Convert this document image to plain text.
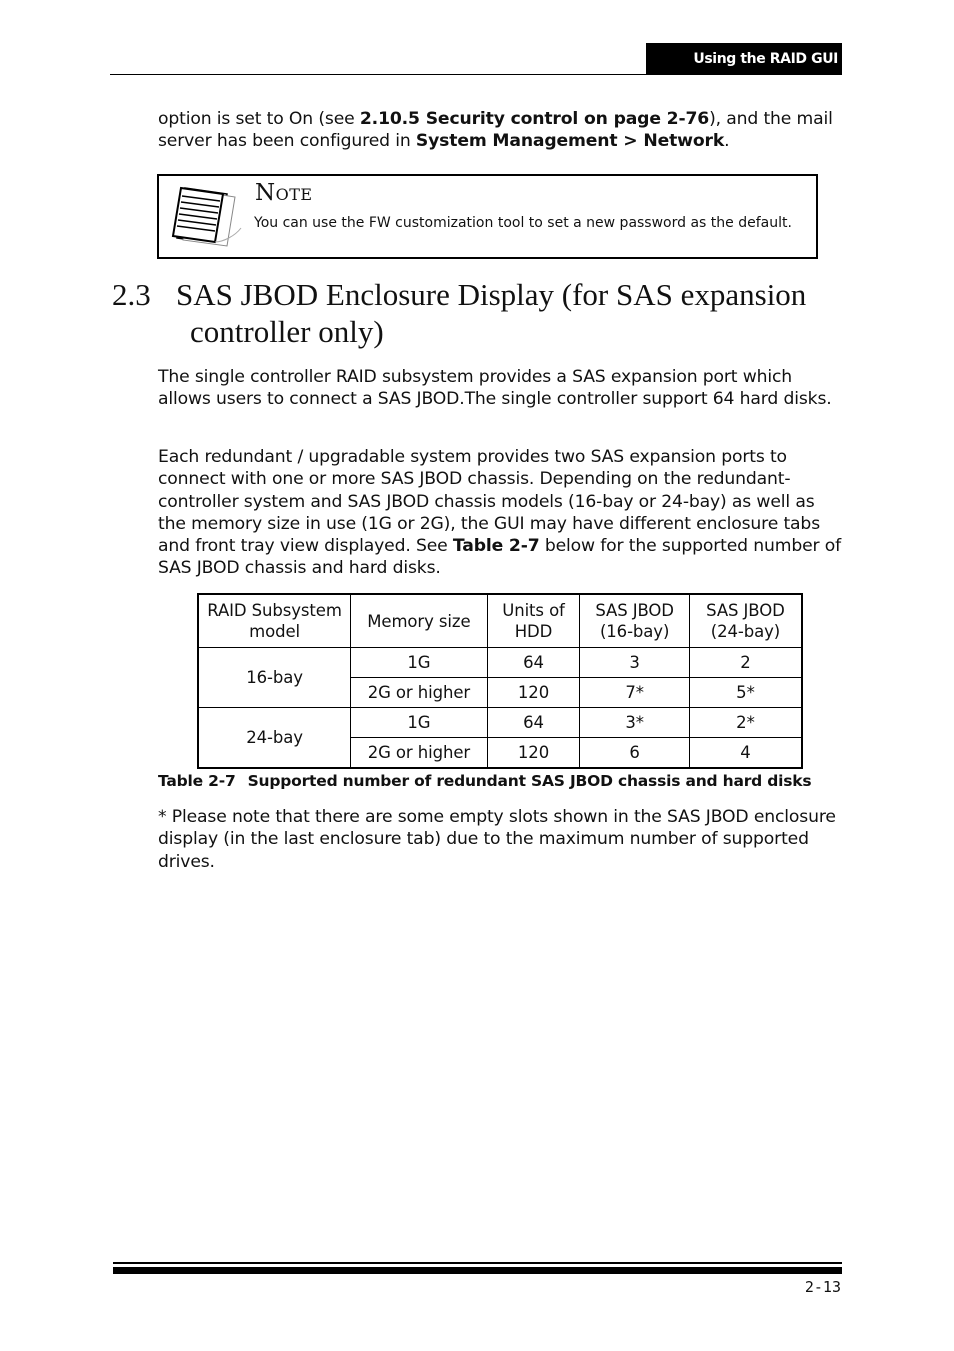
Using the RAID GUI

option is set to On (see 2.10.5 Security control on page 2-76), and the mail server has been configured in System Management > Network.

Note
You can use the FW customization tool to set a new password as the default.
2.3 SAS JBOD Enclosure Display (for SAS expansion
controller only)

The single controller RAID subsystem provides a SAS expansion port which allows users to connect a SAS JBOD.The single controller support 64 hard disks.

Each redundant / upgradable system provides two SAS expansion ports to connect with one or more SAS JBOD chassis. Depending on the redundant-controller system and SAS JBOD chassis models (16-bay or 24-bay) as well as the memory size in use (1G or 2G), the GUI may have different enclosure tabs and front tray view displayed. See Table 2-7 below for the supported number of SAS JBOD chassis and hard disks.

RAID Subsystem model	Memory size	Units of HDD	SAS JBOD (16-bay)	SAS JBOD (24-bay)
16-bay	1G	64	3	2
	2G or higher	120	7*	5*
24-bay	1G	64	3*	2*
	2G or higher	120	6	4
Table 2-7 Supported number of redundant SAS JBOD chassis and hard disks

* Please note that there are some empty slots shown in the SAS JBOD enclosure display (in the last enclosure tab) due to the maximum number of supported drives.

2-13
